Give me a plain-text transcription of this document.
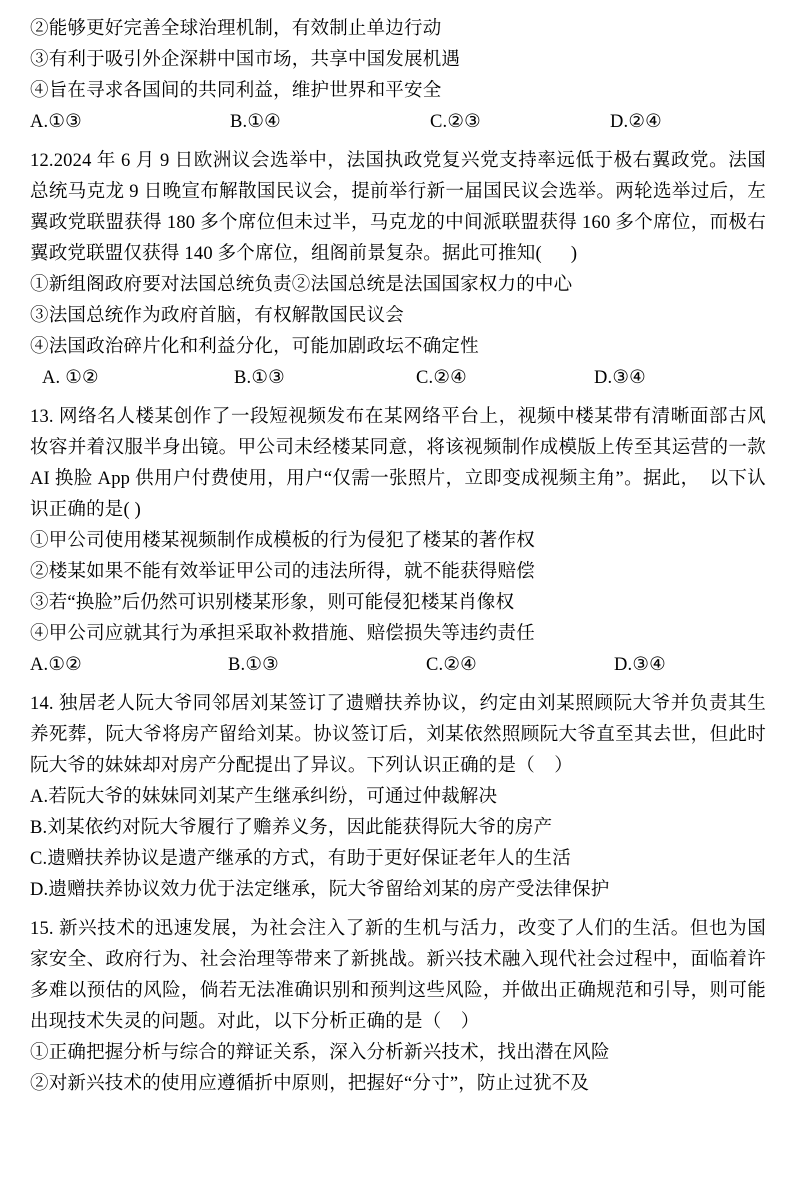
②能够更好完善全球治理机制，有效制止单边行动
③有利于吸引外企深耕中国市场，共享中国发展机遇
④旨在寻求各国间的共同利益，维护世界和平安全
A.①③	B.①④	C.②③	D.②④
12.2024 年 6 月 9 日欧洲议会选举中，法国执政党复兴党支持率远低于极右翼政党。法国总统马克龙 9 日晚宣布解散国民议会，提前举行新一届国民议会选举。两轮选举过后，左翼政党联盟获得 180 多个席位但未过半，马克龙的中间派联盟获得 160 多个席位，而极右翼政党联盟仅获得 140 多个席位，组阁前景复杂。据此可推知(      )
①新组阁政府要对法国总统负责②法国总统是法国国家权力的中心
③法国总统作为政府首脑，有权解散国民议会
④法国政治碎片化和利益分化，可能加剧政坛不确定性
A. ①②	B.①③	C.②④	D.③④
13. 网络名人楼某创作了一段短视频发布在某网络平台上，视频中楼某带有清晰面部古风妆容并着汉服半身出镜。甲公司未经楼某同意，将该视频制作成模版上传至其运营的一款 AI 换脸 App 供用户付费使用，用户“仅需一张照片，立即变成视频主角”。据此，  以下认识正确的是( )
①甲公司使用楼某视频制作成模板的行为侵犯了楼某的著作权
②楼某如果不能有效举证甲公司的违法所得，就不能获得赔偿
③若“换脸”后仍然可识别楼某形象，则可能侵犯楼某肖像权
④甲公司应就其行为承担采取补救措施、赔偿损失等违约责任
A.①②	B.①③	C.②④	D.③④
14. 独居老人阮大爷同邻居刘某签订了遗赠扶养协议，约定由刘某照顾阮大爷并负责其生养死葬，阮大爷将房产留给刘某。协议签订后，刘某依然照顾阮大爷直至其去世，但此时阮大爷的妹妹却对房产分配提出了异议。下列认识正确的是（    ）
A.若阮大爷的妹妹同刘某产生继承纠纷，可通过仲裁解决
B.刘某依约对阮大爷履行了赡养义务，因此能获得阮大爷的房产
C.遗赠扶养协议是遗产继承的方式，有助于更好保证老年人的生活
D.遗赠扶养协议效力优于法定继承，阮大爷留给刘某的房产受法律保护
15. 新兴技术的迅速发展，为社会注入了新的生机与活力，改变了人们的生活。但也为国家安全、政府行为、社会治理等带来了新挑战。新兴技术融入现代社会过程中，面临着许多难以预估的风险，倘若无法准确识别和预判这些风险，并做出正确规范和引导，则可能出现技术失灵的问题。对此，以下分析正确的是（    ）
①正确把握分析与综合的辩证关系，深入分析新兴技术，找出潜在风险
②对新兴技术的使用应遵循折中原则，把握好“分寸”，防止过犹不及
